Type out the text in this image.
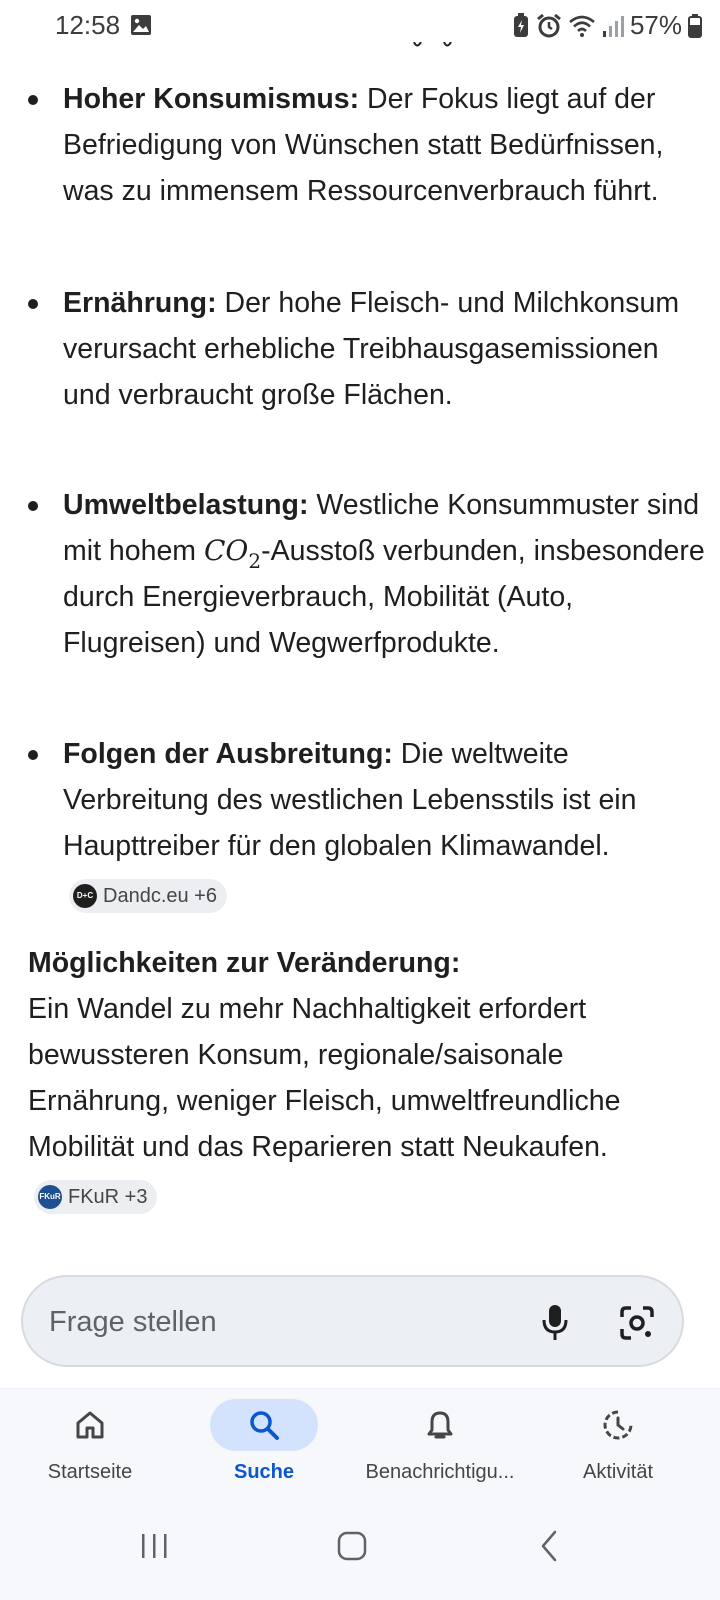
12:58	57%
Hoher Konsumismus: Der Fokus liegt auf der Befriedigung von Wünschen statt Bedürfnissen, was zu immensem Ressourcenverbrauch führt.
Ernährung: Der hohe Fleisch- und Milchkonsum verursacht erhebliche Treibhausgasemissionen und verbraucht große Flächen.
Umweltbelastung: Westliche Konsummuster sind mit hohem $CO_2$-Ausstoß verbunden, insbesondere durch Energieverbrauch, Mobilität (Auto, Flugreisen) und Wegwerfprodukte.
Folgen der Ausbreitung: Die weltweite Verbreitung des westlichen Lebensstils ist ein Haupttreiber für den globalen Klimawandel.
D+C Dandc.eu +6
Möglichkeiten zur Veränderung:
Ein Wandel zu mehr Nachhaltigkeit erfordert bewussteren Konsum, regionale/saisonale Ernährung, weniger Fleisch, umweltfreundliche Mobilität und das Reparieren statt Neukaufen.
FKuR FKuR +3
Frage stellen
Startseite	Suche	Benachrichtigu...	Aktivität
